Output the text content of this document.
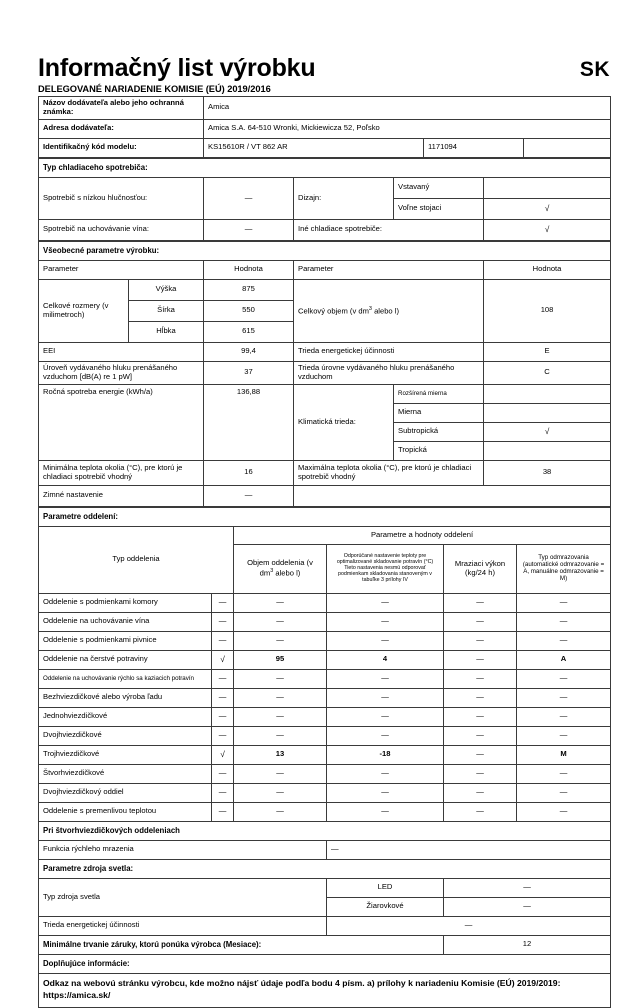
Informačný list výrobku	SK
DELEGOVANÉ NARIADENIE KOMISIE (EÚ) 2019/2016
Názov dodávateľa alebo jeho ochranná známka:	Amica		
Adresa dodávateľa:	Amica S.A. 64-510 Wronki, Mickiewicza 52, Poľsko		
Identifikačný kód modelu:	KS15610R / VT 862 AR	1171094	
Typ chladiaceho spotrebiča:				
Spotrebič s nízkou hlučnosťou:	—	Dizajn:	Vstavaný	
			Voľne stojaci	√
Spotrebič na uchovávanie vína:	—	Iné chladiace spotrebiče:		√
Všeobecné parametre výrobku:					
Parameter		Hodnota	Parameter		Hodnota
Celkové rozmery (v milimetroch)	Výška	875	Celkový objem (v $dm^3$ alebo l)		108
	Šírka	550			
	Hĺbka	615			
EEI		99,4	Trieda energetickej účinnosti		E
Úroveň vydávaného hluku prenášaného vzduchom [dB(A) re 1 pW]		37	Trieda úrovne vydávaného hluku prenášaného vzduchom		C
Ročná spotreba energie (kWh/a)		136,88	Klimatická trieda:	Rozšírená mierna	
				Mierna	
				Subtropická	√
				Tropická	
Minimálna teplota okolia (°C), pre ktorú je chladiaci spotrebič vhodný		16	Maximálna teplota okolia (°C), pre ktorú je chladiaci spotrebič vhodný		38
Zimné nastavenie		—			
Parametre oddelení:					
Typ oddelenia		Parametre a hodnoty oddelení			
		Objem oddelenia (v
$dm^3$ alebo l)	Odporúčané nastavenie teploty pre optimalizované skladovanie potravín (°C)
Tieto nastavenia nesmú odporovať podmienkam skladovania stanoveným v tabuľke 3 prílohy IV	Mraziaci výkon (kg/24 h)	Typ odmrazovania (automatické odmrazovanie = A, manuálne odmrazovanie = M)
Oddelenie s podmienkami komory	—	—	—	—	—
Oddelenie na uchovávanie vína	—	—	—	—	—
Oddelenie s podmienkami pivnice	—	—	—	—	—
Oddelenie na čerstvé potraviny	√	95	4	—	A
Oddelenie na uchovávanie rýchlo sa kaziacich potravín	—	—	—	—	—
Bezhviezdičkové alebo výroba ľadu	—	—	—	—	—
Jednohviezdičkové	—	—	—	—	—
Dvojhviezdičkové	—	—	—	—	—
Trojhviezdičkové	√	13	-18	—	M
Štvorhviezdičkové	—	—	—	—	—
Dvojhviezdičkový oddiel	—	—	—	—	—
Oddelenie s premenlivou teplotou	—	—	—	—	—
Pri štvorhviezdičkových oddeleniach					
Funkcia rýchleho mrazenia			—		
Parametre zdroja svetla:					
Typ zdroja svetla			LED	—	
			Žiarovkové	—	
Trieda energetickej účinnosti			—		
Minimálne trvanie záruky, ktorú ponúka výrobca (Mesiace):				12	
Doplňujúce informácie:					
Odkaz na webovú stránku výrobcu, kde možno nájsť údaje podľa bodu 4 písm. a) prílohy k nariadeniu Komisie (EÚ) 2019/2019: https://amica.sk/					
